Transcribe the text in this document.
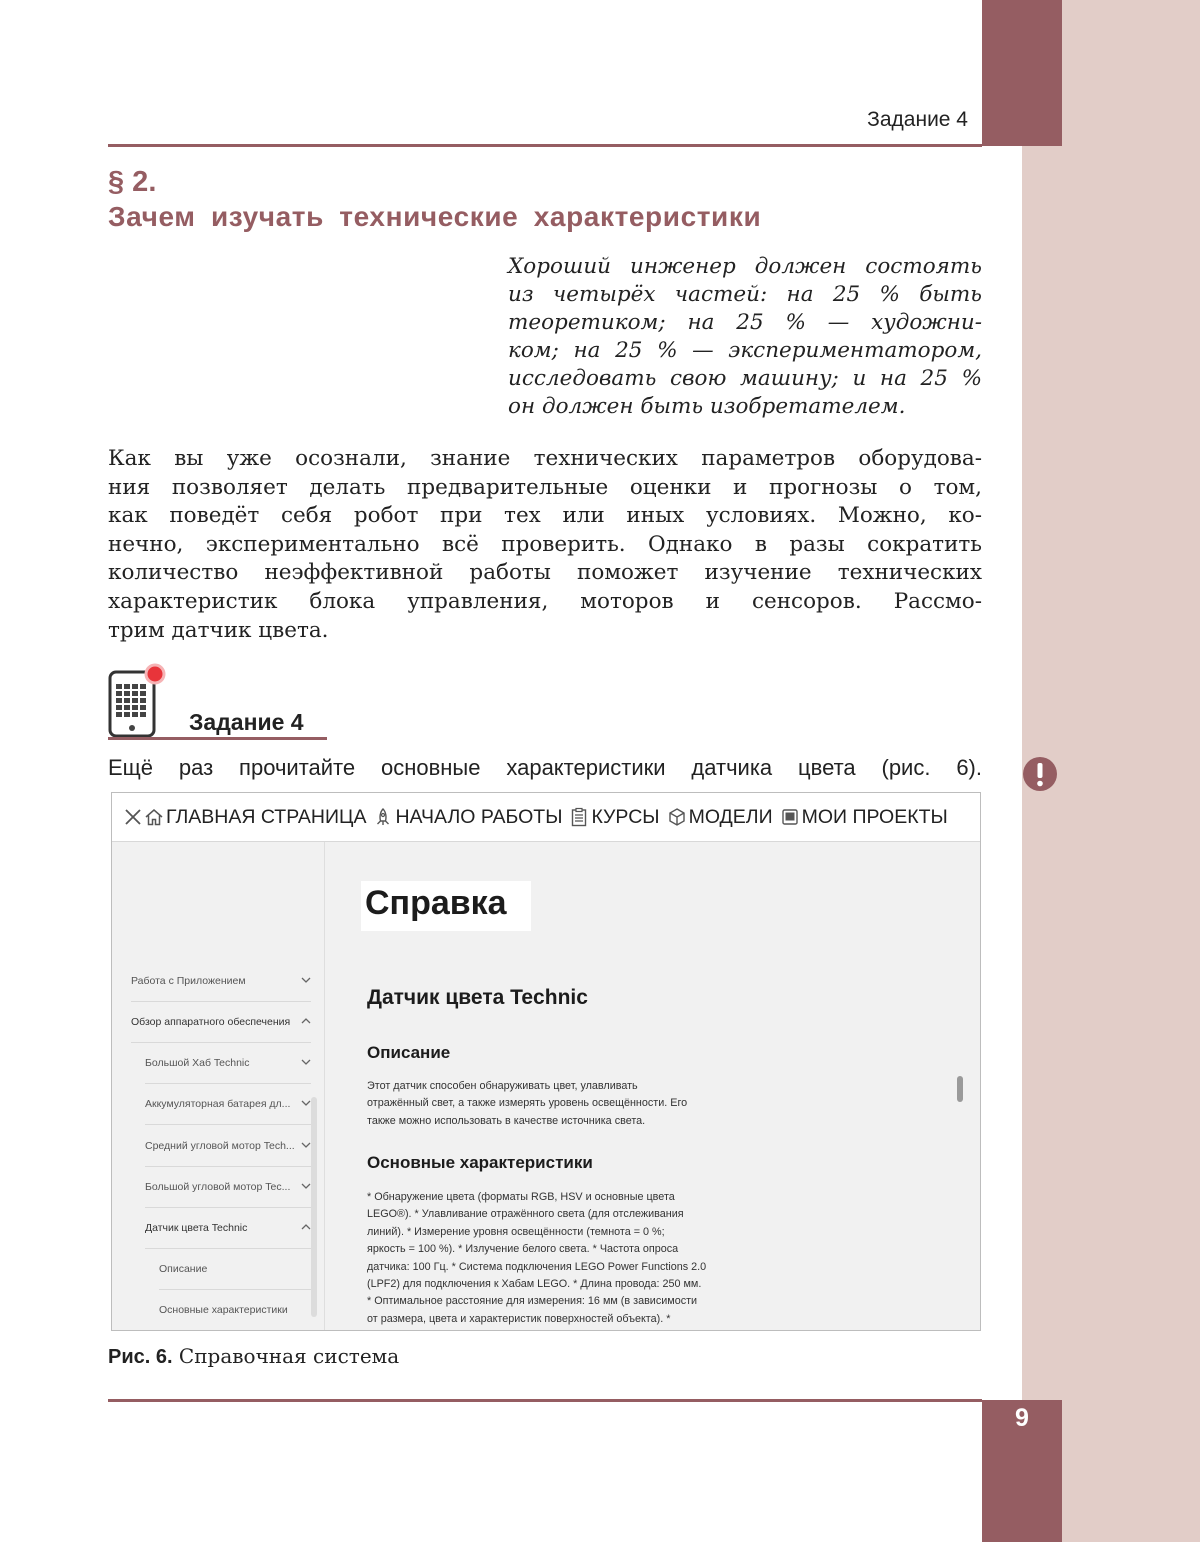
Задание 4
§ 2.
Зачем изучать технические характеристики
Хороший инженер должен состоять
из четырёх частей: на 25 % быть
теоретиком; на 25 % — художни-
ком; на 25 % — экспериментатором,
исследовать свою машину; и на 25 %
он должен быть изобретателем.
Как вы уже осознали, знание технических параметров оборудова-
ния позволяет делать предварительные оценки и прогнозы о том,
как поведёт себя робот при тех или иных условиях. Можно, ко-
нечно, экспериментально всё проверить. Однако в разы сократить
количество неэффективной работы поможет изучение технических
характеристик блока управления, моторов и сенсоров. Рассмо-
трим датчик цвета.
Задание 4
Ещё раз прочитайте основные характеристики датчика цвета (рис. 6).
ГЛАВНАЯ СТРАНИЦА НАЧАЛО РАБОТЫ КУРСЫ МОДЕЛИ МОИ ПРОЕКТЫ
Работа с Приложением
Обзор аппаратного обеспечения
Большой Хаб Technic
Аккумуляторная батарея дл...
Средний угловой мотор Tech...
Большой угловой мотор Tec...
Датчик цвета Technic
Описание
Основные характеристики
Справка
Датчик цвета Technic
Описание
Этот датчик способен обнаруживать цвет, улавливать
отражённый свет, а также измерять уровень освещённости. Его
также можно использовать в качестве источника света.
Основные характеристики
* Обнаружение цвета (форматы RGB, HSV и основные цвета
LEGO®). * Улавливание отражённого света (для отслеживания
линий). * Измерение уровня освещённости (темнота = 0 %;
яркость = 100 %). * Излучение белого света. * Частота опроса
датчика: 100 Гц. * Система подключения LEGO Power Functions 2.0
(LPF2) для подключения к Хабам LEGO. * Длина провода: 250 мм.
* Оптимальное расстояние для измерения: 16 мм (в зависимости
от размера, цвета и характеристик поверхностей объекта). *
Рис. 6. Справочная система
9
